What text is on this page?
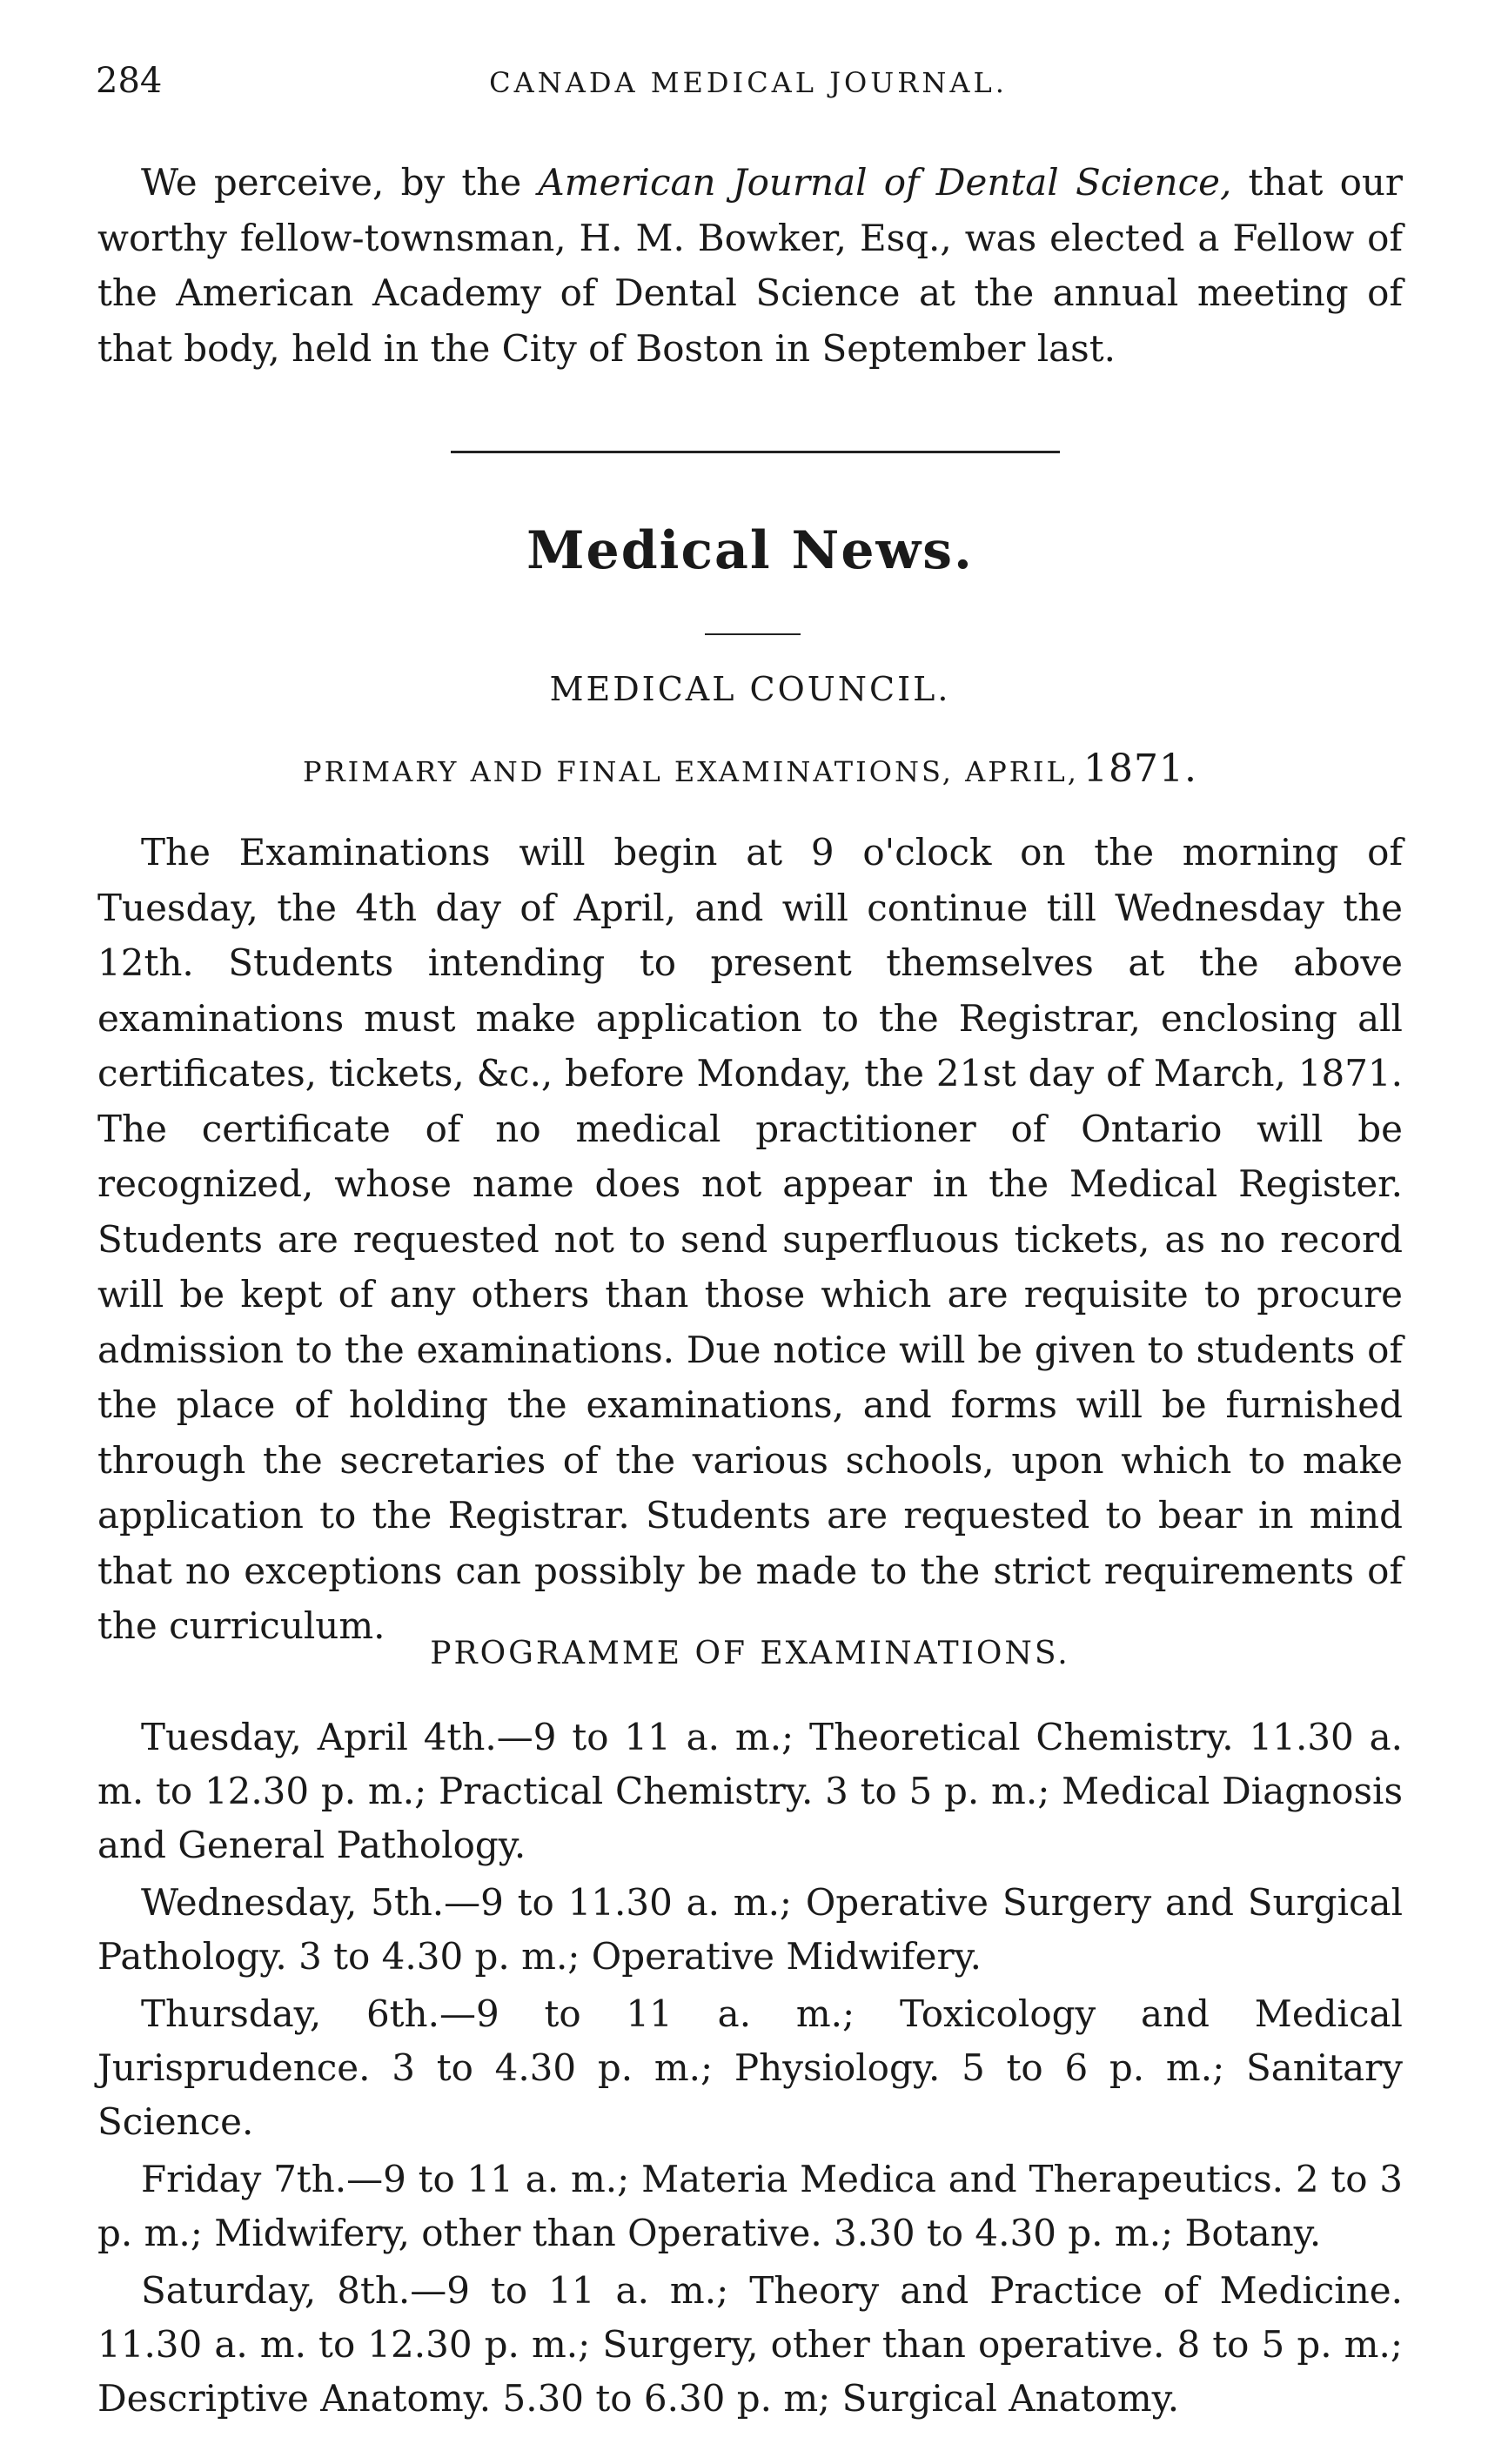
284	CANADA MEDICAL JOURNAL.

We perceive, by the American Journal of Dental Science, that our worthy fellow-townsman, H. M. Bowker, Esq., was elected a Fellow of the American Academy of Dental Science at the annual meeting of that body, held in the City of Boston in September last.

Medical News.
MEDICAL COUNCIL.
PRIMARY AND FINAL EXAMINATIONS, APRIL, 1871.

The Examinations will begin at 9 o'clock on the morning of Tuesday, the 4th day of April, and will continue till Wednesday the 12th. Students intending to present themselves at the above examinations must make application to the Registrar, enclosing all certificates, tickets, &c., before Monday, the 21st day of March, 1871. The certificate of no medical practitioner of Ontario will be recognized, whose name does not appear in the Medical Register. Students are requested not to send superfluous tickets, as no record will be kept of any others than those which are requisite to procure admission to the examinations. Due notice will be given to students of the place of holding the examinations, and forms will be furnished through the secretaries of the various schools, upon which to make application to the Registrar. Students are requested to bear in mind that no exceptions can possibly be made to the strict requirements of the curriculum.

PROGRAMME OF EXAMINATIONS.

Tuesday, April 4th.—9 to 11 a. m.; Theoretical Chemistry. 11.30 a. m. to 12.30 p. m.; Practical Chemistry. 3 to 5 p. m.; Medical Diagnosis and General Pathology.

Wednesday, 5th.—9 to 11.30 a. m.; Operative Surgery and Surgical Pathology. 3 to 4.30 p. m.; Operative Midwifery.

Thursday, 6th.—9 to 11 a. m.; Toxicology and Medical Jurisprudence. 3 to 4.30 p. m.; Physiology. 5 to 6 p. m.; Sanitary Science.

Friday 7th.—9 to 11 a. m.; Materia Medica and Therapeutics. 2 to 3 p. m.; Midwifery, other than Operative. 3.30 to 4.30 p. m.; Botany.

Saturday, 8th.—9 to 11 a. m.; Theory and Practice of Medicine. 11.30 a. m. to 12.30 p. m.; Surgery, other than operative. 8 to 5 p. m.; Descriptive Anatomy. 5.30 to 6.30 p. m; Surgical Anatomy.
